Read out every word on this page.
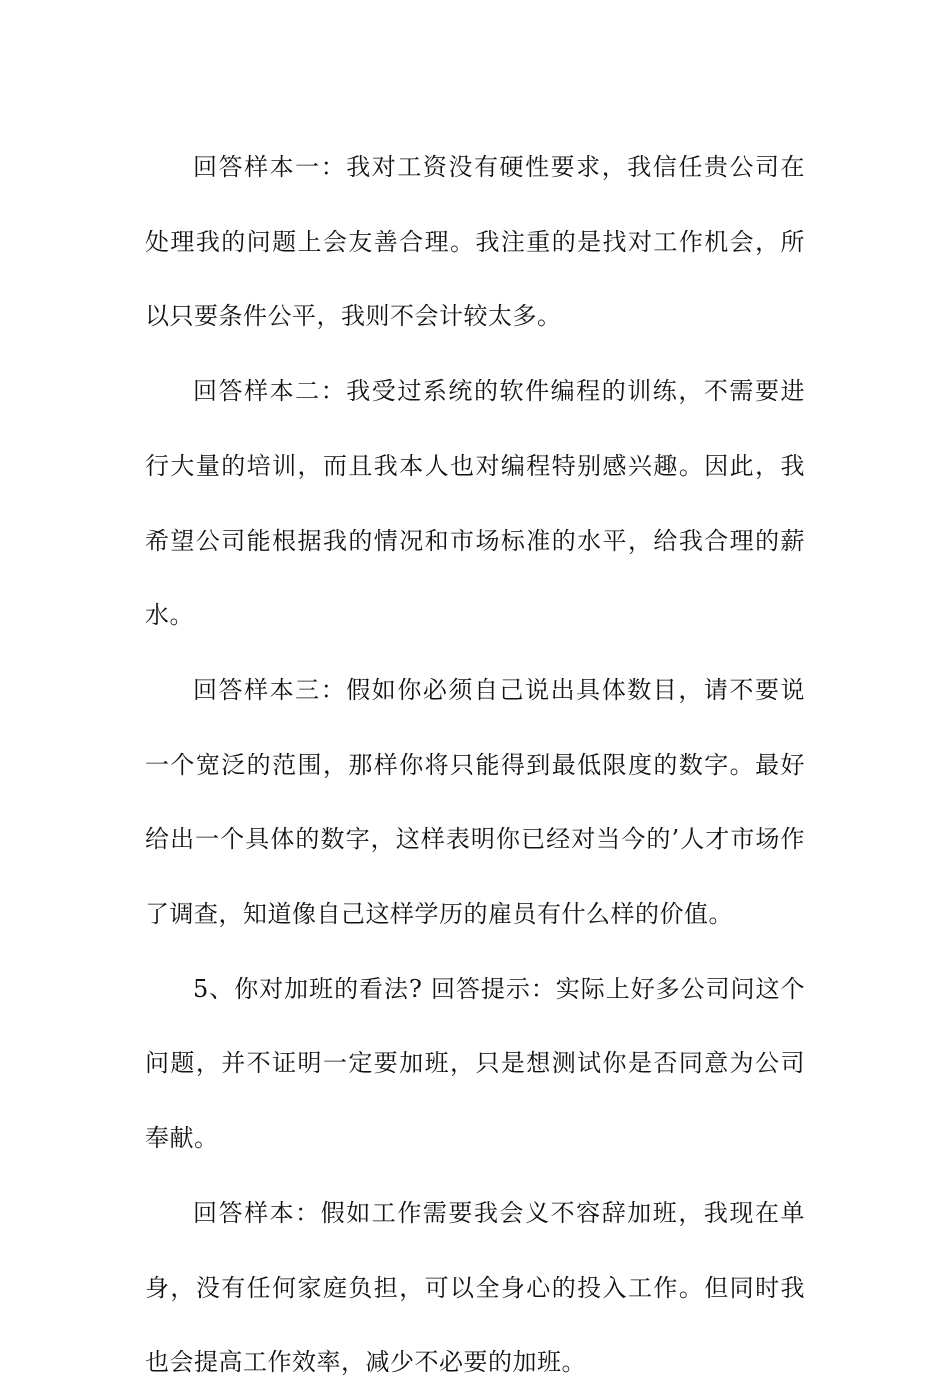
回答样本一：我对工资没有硬性要求，我信任贵公司在处理我的问题上会友善合理。我注重的是找对工作机会，所以只要条件公平，我则不会计较太多。

回答样本二：我受过系统的软件编程的训练，不需要进行大量的培训，而且我本人也对编程特别感兴趣。因此，我希望公司能根据我的情况和市场标准的水平，给我合理的薪水。

回答样本三：假如你必须自己说出具体数目，请不要说一个宽泛的范围，那样你将只能得到最低限度的数字。最好给出一个具体的数字，这样表明你已经对当今的’人才市场作了调查，知道像自己这样学历的雇员有什么样的价值。

5、你对加班的看法? 回答提示：实际上好多公司问这个问题，并不证明一定要加班，只是想测试你是否同意为公司奉献。

回答样本：假如工作需要我会义不容辞加班，我现在单身，没有任何家庭负担，可以全身心的投入工作。但同时我也会提高工作效率，减少不必要的加班。
